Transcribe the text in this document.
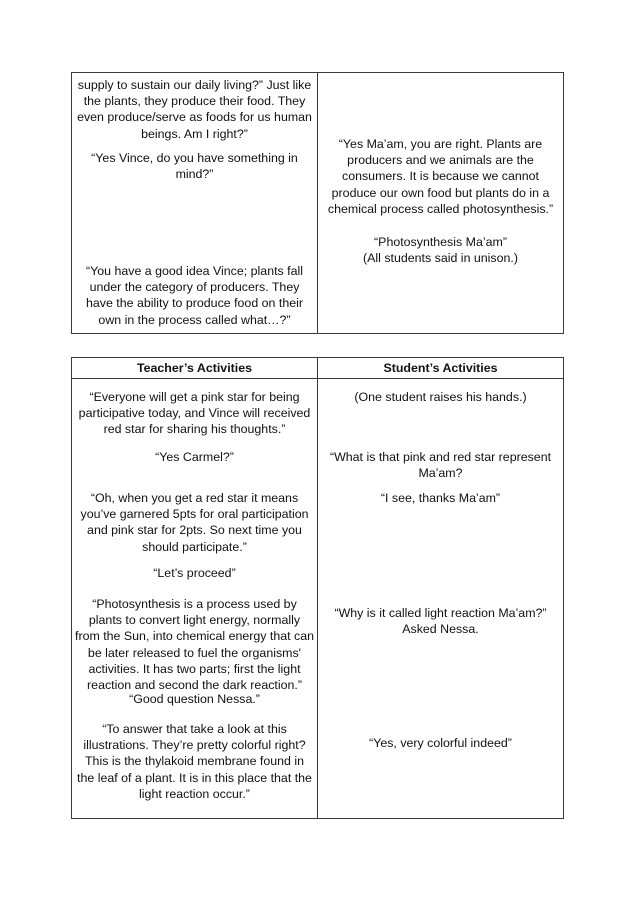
supply to sustain our daily living?” Just like the plants, they produce their food. They even produce/serve as foods for us human beings. Am I right?”

“Yes Vince, do you have something in mind?”

“You have a good idea Vince; plants fall under the category of producers. They have the ability to produce food on their own in the process called what…?”

“Yes Ma’am, you are right. Plants are producers and we animals are the consumers. It is because we cannot produce our own food but plants do in a chemical process called photosynthesis.”

“Photosynthesis Ma’am”
(All students said in unison.)

Teacher’s Activities	Student’s Activities

“Everyone will get a pink star for being participative today, and Vince will received red star for sharing his thoughts.”

“Yes Carmel?”

“Oh, when you get a red star it means you’ve garnered 5pts for oral participation and pink star for 2pts. So next time you should participate.”

“Let’s proceed”

“Photosynthesis is a process used by plants to convert light energy, normally from the Sun, into chemical energy that can be later released to fuel the organisms' activities. It has two parts; first the light reaction and second the dark reaction.”

“Good question Nessa.”

“To answer that take a look at this illustrations. They’re pretty colorful right? This is the thylakoid membrane found in the leaf of a plant. It is in this place that the light reaction occur.”

(One student raises his hands.)

“What is that pink and red star represent Ma’am?

“I see, thanks Ma’am”

“Why is it called light reaction Ma’am?” Asked Nessa.

“Yes, very colorful indeed”
